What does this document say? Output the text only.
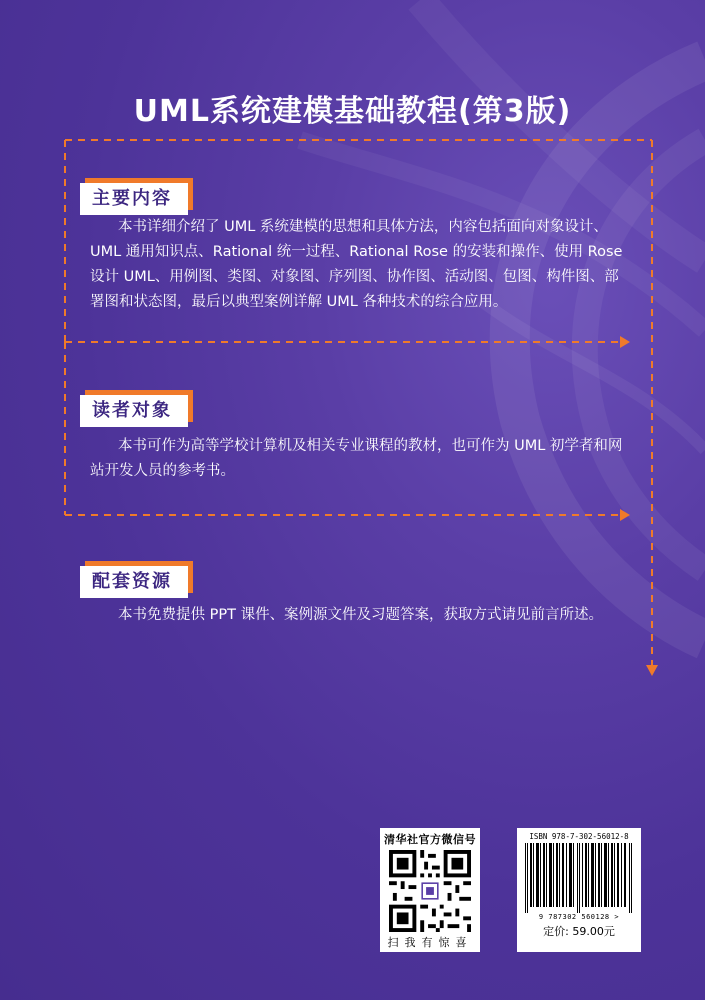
UML系统建模基础教程(第3版)
主要内容
本书详细介绍了 UML 系统建模的思想和具体方法，内容包括面向对象设计、UML 通用知识点、Rational 统一过程、Rational Rose 的安装和操作、使用 Rose 设计 UML、用例图、类图、对象图、序列图、协作图、活动图、包图、构件图、部署图和状态图，最后以典型案例详解 UML 各种技术的综合应用。
读者对象
本书可作为高等学校计算机及相关专业课程的教材，也可作为 UML 初学者和网站开发人员的参考书。
配套资源
本书免费提供 PPT 课件、案例源文件及习题答案，获取方式请见前言所述。
清华社官方微信号
扫我有惊喜
ISBN 978-7-302-56012-8
9 787302 560128 >
定价: 59.00元
